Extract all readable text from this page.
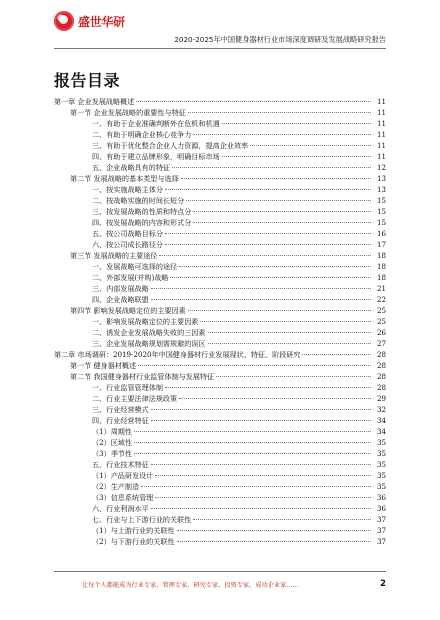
盛世华研
2020-2025年中国健身器材行业市场深度调研及发展战略研究报告
报告目录
第一章 企业发展战略概述	11
第一节 企业发展战略的重要性与特征	11
一、有助于企业准确判断外在危机和机遇	11
二、有助于明确企业核心竞争力	11
三、有助于优化整合企业人力资源，提高企业效率	11
四、有助于建立品牌形象，明确目标市场	11
五、企业战略具有的特征	12
第二节 发展战略的基本类型与选择	13
一、按实施战略主体分	13
二、按战略实施的时间长短分	15
三、按发展战略的性质和特点分	15
四、按发展战略的内容和形式分	15
五、按公司战略目标分	16
六、按公司成长路径分	17
第三节 发展战略的主要途径	18
一、发展战略可选择的途径	18
二、外部发展(并购)战略	18
三、内部发展战略	21
四、企业战略联盟	22
第四节 影响发展战略定位的主要因素	25
一、影响发展战略定位的主要因素	25
二、诱发企业发展战略失败的三因素	26
三、企业发展战略规划需规避的误区	27
第二章 市场调研：2019-2020年中国健身器材行业发展现状、特征、阶段研究	28
第一节 健身器材概述	28
第二节 我国健身器材行业监管体制与发展特征	28
一、行业监管管理体制	28
二、行业主要法律法规政策	29
三、行业经营模式	32
四、行业经营特征	34
（1）周期性	34
（2）区域性	35
（3）季节性	35
五、行业技术特征	35
（1）产品研发设计	35
（2）生产制造	35
（3）信息系统管理	36
六、行业利润水平	36
七、行业与上下游行业的关联性	37
（1）与上游行业的关联性	37
（2）与下游行业的关联性	37
让每个人都能成为行业专家、管理专家、研究专家、投资专家、成功企业家……	2
